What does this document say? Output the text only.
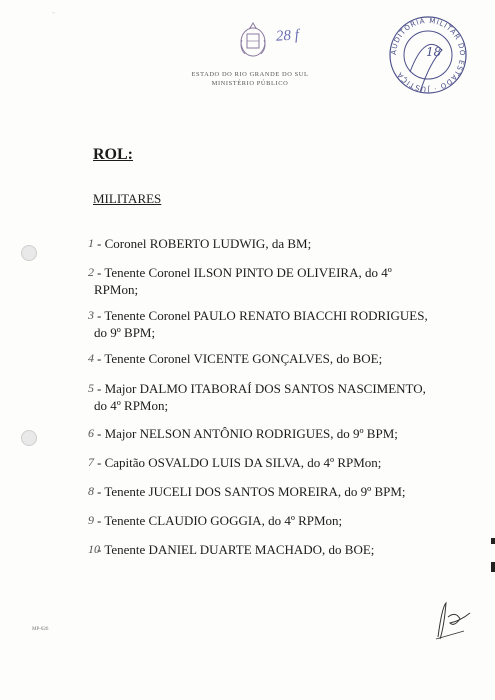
~
28 f
ESTADO DO RIO GRANDE DO SUL
MINISTÉRIO PÚBLICO
AUDITORIA MILITAR DO ESTADO · JUSTIÇA
18
ROL:
MILITARES
1 - Coronel ROBERTO LUDWIG, da BM;
2 - Tenente Coronel ILSON PINTO DE OLIVEIRA, do 4º
RPMon;
3 - Tenente Coronel PAULO RENATO BIACCHI RODRIGUES,
do 9º BPM;
4 - Tenente Coronel VICENTE GONÇALVES, do BOE;
5 - Major DALMO ITABORAÍ DOS SANTOS NASCIMENTO,
do 4º RPMon;
6 - Major NELSON ANTÔNIO RODRIGUES, do 9º BPM;
7 - Capitão OSVALDO LUIS DA SILVA, do 4º RPMon;
8 - Tenente JUCELI DOS SANTOS MOREIRA, do 9º BPM;
9 - Tenente CLAUDIO GOGGIA, do 4º RPMon;
10
- Tenente DANIEL DUARTE MACHADO, do BOE;
MP-026
